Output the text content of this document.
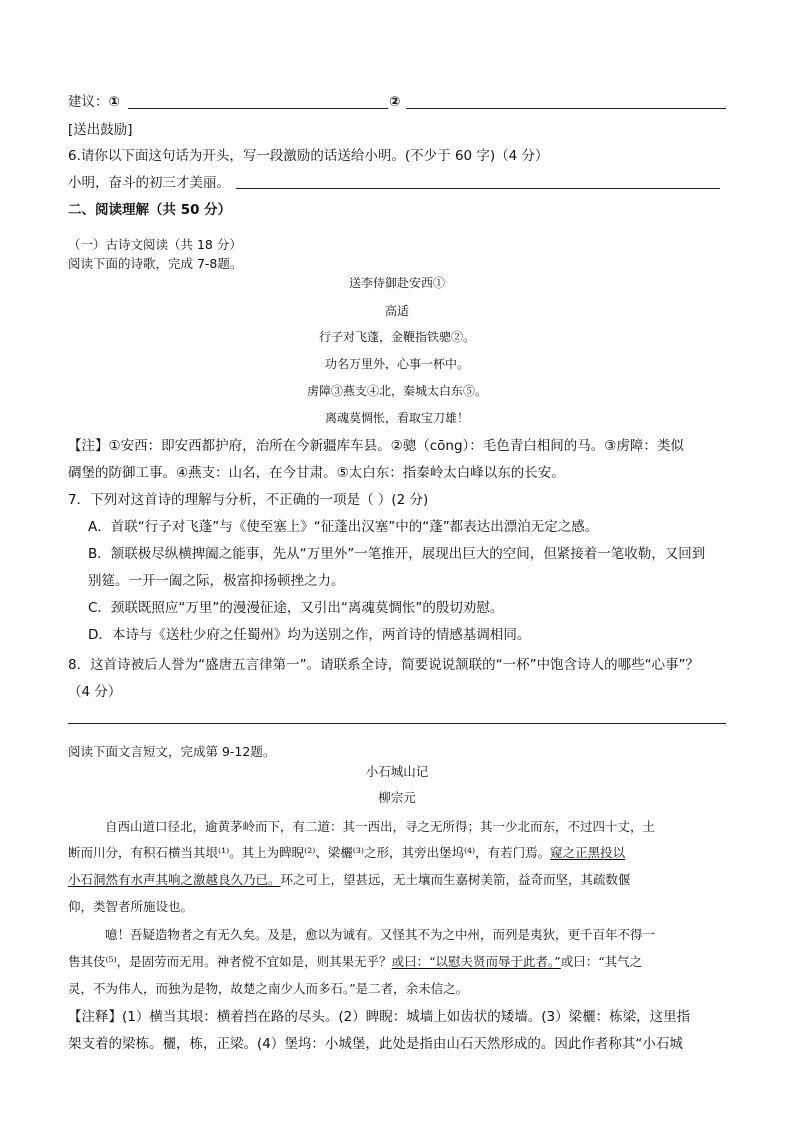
建议：①	②
[送出鼓励]
6.请你以下面这句话为开头，写一段激励的话送给小明。(不少于 60 字)（4 分）
小明，奋斗的初三才美丽。
二、阅读理解（共 50 分）
（一）古诗文阅读（共 18 分）
阅读下面的诗歌，完成 7-8题。
送李侍御赴安西①
高适
行子对飞蓬，金鞭指铁骢②。
功名万里外，心事一杯中。
虏障③燕支④北，秦城太白东⑤。
离魂莫惆怅，看取宝刀雄！
【注】①安西：即安西都护府，治所在今新疆库车县。②骢（cōng）：毛色青白相间的马。③虏障：类似
碉堡的防御工事。④燕支：山名，在今甘肃。⑤太白东：指秦岭太白峰以东的长安。
7．下列对这首诗的理解与分析，不正确的一项是（ ）(2 分)
A．首联“行子对飞蓬”与《使至塞上》“征蓬出汉塞”中的“蓬”都表达出漂泊无定之感。
B．颔联极尽纵横捭阖之能事，先从“万里外”一笔推开，展现出巨大的空间，但紧接着一笔收勒，又回到
别筵。一开一阖之际，极富抑扬顿挫之力。
C．颈联既照应“万里”的漫漫征途，又引出“离魂莫惆怅”的殷切劝慰。
D．本诗与《送杜少府之任蜀州》均为送别之作，两首诗的情感基调相同。
8．这首诗被后人誉为“盛唐五言律第一”。请联系全诗，简要说说颔联的“一杯”中饱含诗人的哪些“心事”？
（4 分）
阅读下面文言短文，完成第 9-12题。
小石城山记
柳宗元
自西山道口径北，逾黄茅岭而下，有二道：其一西出，寻之无所得；其一少北而东，不过四十丈，土
断而川分，有积石横当其垠⁽¹⁾。其上为睥睨⁽²⁾、梁欐⁽³⁾之形，其旁出堡坞⁽⁴⁾，有若门焉。窥之正黑投以
小石洞然有水声其响之激越良久乃已。环之可上，望甚远，无土壤而生嘉树美箭，益奇而坚，其疏数偃
仰，类智者所施设也。
噫！吾疑造物者之有无久矣。及是，愈以为诚有。又怪其不为之中州，而列是夷狄，更千百年不得一
售其伎⁽⁵⁾，是固劳而无用。神者傥不宜如是，则其果无乎？或曰：“以慰夫贤而辱于此者。”或曰：“其气之
灵，不为伟人，而独为是物，故楚之南少人而多石。”是二者，余未信之。
【注释】(1）横当其垠：横着挡在路的尽头。(2）睥睨：城墙上如齿状的矮墙。(3）梁欐：栋梁，这里指
架支着的梁栋。欐，栋，正梁。(4）堡坞：小城堡，此处是指由山石天然形成的。因此作者称其“小石城
